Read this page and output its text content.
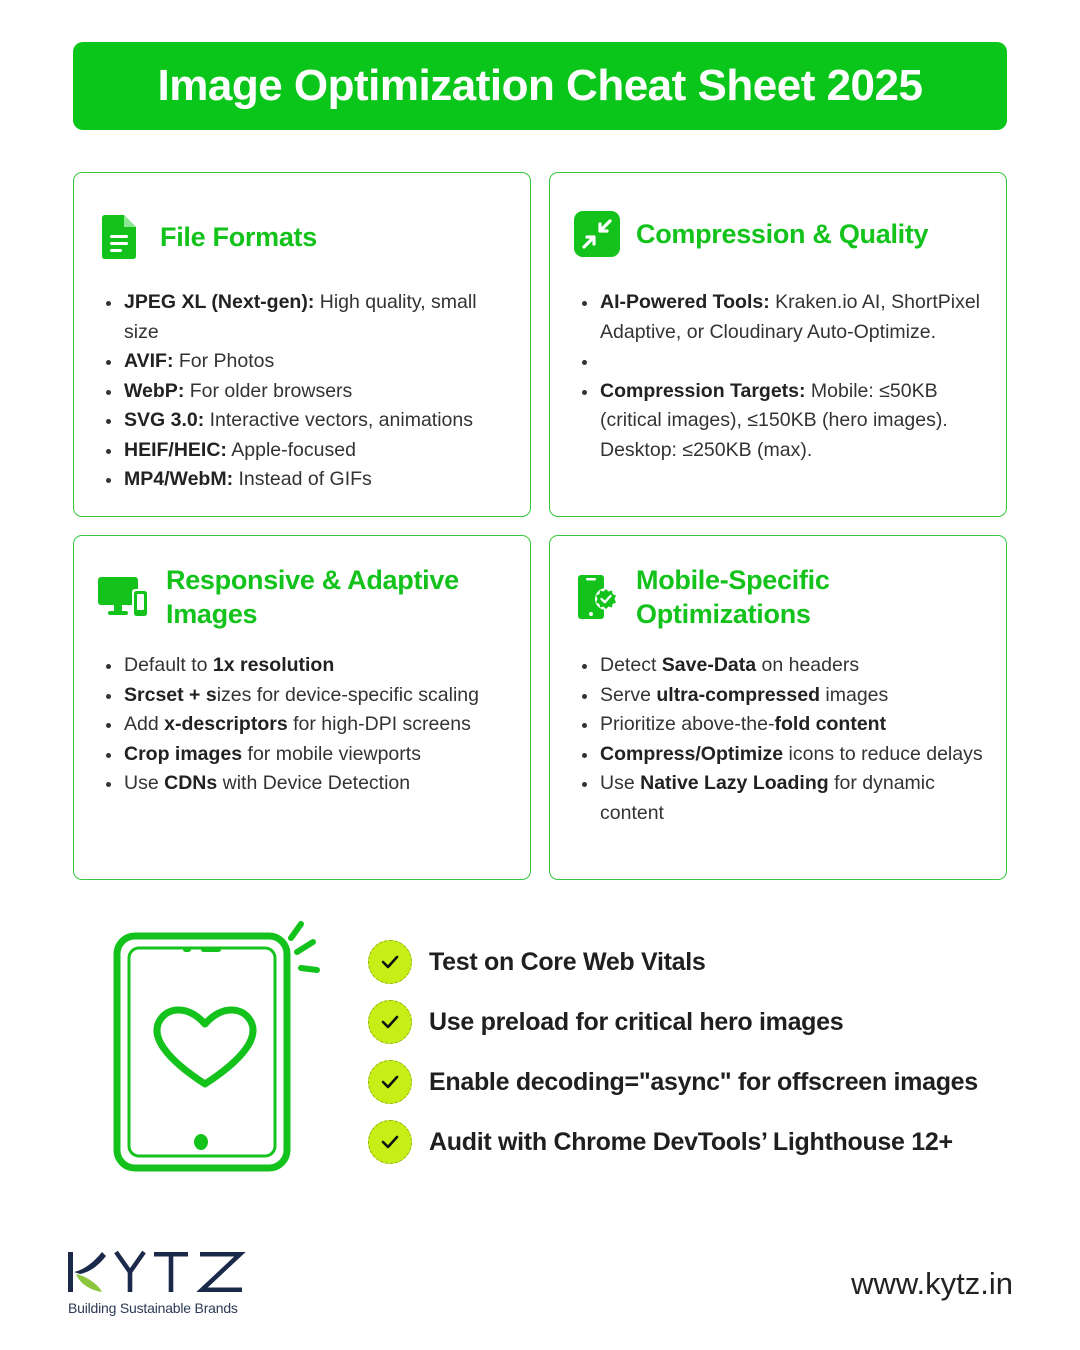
Image Optimization Cheat Sheet 2025
File Formats
JPEG XL (Next-gen): High quality, small size
AVIF: For Photos
WebP: For older browsers
SVG 3.0: Interactive vectors, animations
HEIF/HEIC: Apple-focused
MP4/WebM: Instead of GIFs
Compression & Quality
AI-Powered Tools: Kraken.io AI, ShortPixel Adaptive, or Cloudinary Auto-Optimize.
Compression Targets: Mobile: ≤50KB (critical images), ≤150KB (hero images). Desktop: ≤250KB (max).
Responsive & Adaptive
Images
Default to 1x resolution
Srcset + sizes for device-specific scaling
Add x-descriptors for high-DPI screens
Crop images for mobile viewports
Use CDNs with Device Detection
Mobile-Specific
Optimizations
Detect Save-Data on headers
Serve ultra-compressed images
Prioritize above-the-fold content
Compress/Optimize icons to reduce delays
Use Native Lazy Loading for dynamic content
Test on Core Web Vitals
Use preload for critical hero images
Enable decoding="async" for offscreen images
Audit with Chrome DevTools’ Lighthouse 12+
Building Sustainable Brands
www.kytz.in
